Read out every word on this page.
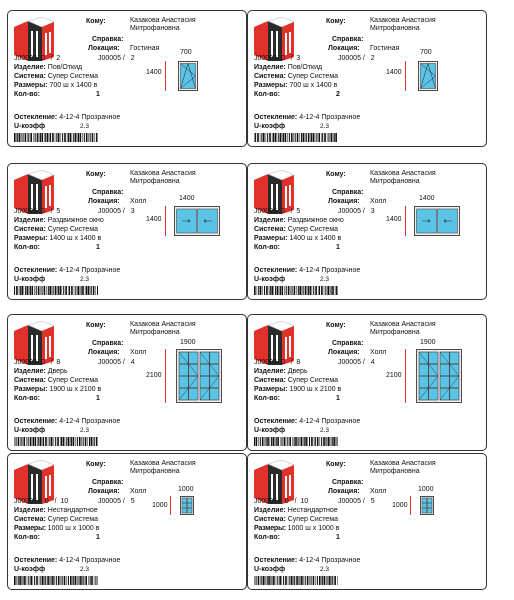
Кому:	Казакова Анастасия Митрофановна
Справка:
Локация: Гостиная
J00005  0   /  2	J00005 /   2
Изделие: Пов/Откид
Система: Супер Система
Размеры: 700 ш x 1400 в
Кол-во:	1
Остекление: 4-12-4 Прозрачное
U-коэфф	2.3
700
1400
Кому:	Казакова Анастасия Митрофановна
Справка:
Локация: Гостиная
J00005  0   /  3	J00005 /   2
Изделие: Пов/Откид
Система: Супер Система
Размеры: 700 ш x 1400 в
Кол-во:	2
Остекление: 4-12-4 Прозрачное
U-коэфф	2.3
700
1400
Кому:	Казакова Анастасия Митрофановна
Справка:
Локация: Холл
J00005  0   /  5	J00005 /   3
Изделие: Раздвижное окно
Система: Супер Система
Размеры: 1400 ш x 1400 в
Кол-во:	1
Остекление: 4-12-4 Прозрачное
U-коэфф	2.3
1400
1400
Кому:	Казакова Анастасия Митрофановна
Справка:
Локация: Холл
J00005  0   /  5	J00005 /   3
Изделие: Раздвижное окно
Система: Супер Система
Размеры: 1400 ш x 1400 в
Кол-во:	1
Остекление: 4-12-4 Прозрачное
U-коэфф	2.3
1400
1400
Кому:	Казакова Анастасия Митрофановна
Справка:
Локация: Холл
J00005  0   /  8	J00005 /   4
Изделие: Дверь
Система: Супер Система
Размеры: 1900 ш x 2100 в
Кол-во:	1
Остекление: 4-12-4 Прозрачное
U-коэфф	2.3
1900
2100
Кому:	Казакова Анастасия Митрофановна
Справка:
Локация: Холл
J00005  0   /  8	J00005 /   4
Изделие: Дверь
Система: Супер Система
Размеры: 1900 ш x 2100 в
Кол-во:	1
Остекление: 4-12-4 Прозрачное
U-коэфф	2.3
1900
2100
Кому:	Казакова Анастасия Митрофановна
Справка:
Локация: Холл
J00005 /  0   /  10	J00005 /   5
Изделие: Нестандартное
Система: Супер Система
Размеры: 1000 ш x 1000 в
Кол-во:	1
Остекление: 4-12-4 Прозрачное
U-коэфф	2.3
1000
1000
Кому:	Казакова Анастасия Митрофановна
Справка:
Локация: Холл
J00005 /  0   /  10	J00005 /   5
Изделие: Нестандартное
Система: Супер Система
Размеры: 1000 ш x 1000 в
Кол-во:	1
Остекление: 4-12-4 Прозрачное
U-коэфф	2.3
1000
1000
